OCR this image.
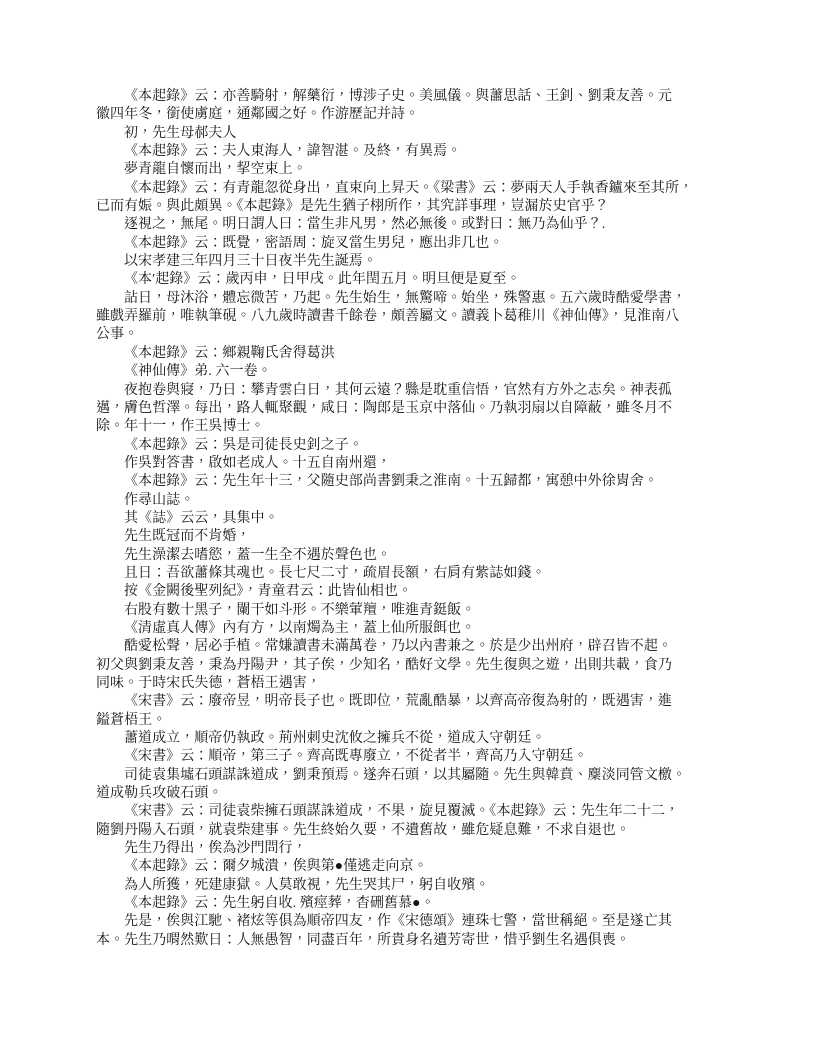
《本起錄》云：亦善騎射，解藥衍，博涉子史。美風儀。與蕭思話、王釗、劉秉友善。元
徽四年冬，銜使虜庭，通鄰國之好。作游歷記并詩。
初，先生母郝夫人
《本起錄》云：夫人東海人，諱智湛。及終，有異焉。
夢青龍自懷而出，挈空束上。
《本起錄》云：有青龍忽從身出，直束向上昇天。《梁書》云：夢兩天人手執香鑪來至其所，
已而有娠。與此頗異。《本起錄》是先生猶子栩所作，其究詳事理，豈漏於史官乎？
逐視之，無尾。明日謂人曰：當生非凡男，然必無後。或對曰：無乃為仙乎？.
《本起錄》云：既覺，密語周：旋叉當生男兒，應出非几也。
以宋孝建三年四月三十日夜半先生誕焉。
《本′起錄》云：歲丙申，日甲戌。此年閏五月。明旦便是夏至。
詀日，母沐浴，體忘微苦，乃起。先生始生，無驚啼。始坐，殊警惠。五六歲時酷愛學書，
雖戲弄羅前，唯執筆硯。八九歲時讀書千餘卷，頗善屬文。讀義卜葛稚川《神仙傳》，見淮南八
公事。
《本起錄》云：鄉親鞠氏舍得葛洪
《神仙傳》弟. 六一卷。
夜抱卷與寢，乃日：攀青雲白日，其何云遠？縣是耽重信悟，官然有方外之志矣。神表孤
邁，膚色哲澤。每出，路人輒聚觀，咸日：陶郎是玉京中落仙。乃執羽扇以自障蔽，雖冬月不
除。年十一，作王吳博士。
《本起錄》云：吳是司徒長史釗之子。
作吳對答書，啟如老成人。十五自南州還，
《本起錄》云：先生年十三，父隨史部尚書劉秉之淮南。十五歸都，寓憩中外徐胄舍。
作尋山誌。
其《誌》云云，具集中。
先生既冠而不肯婚，
先生澡潔去嗜慾，蓋一生全不遇於聲色也。
且日：吾欲蕭條其魂也。長七尺二寸，疏眉長額，右肩有紫誌如錢。
按《金闕後聖列紀》，青童君云：此皆仙相也。
右股有數十黑子，闌干如斗形。不樂葷羶，唯進青鋌飯。
《清虛真人傳》內有方，以南燭為主，蓋上仙所服餌也。
酷愛松聲，居必手植。常嫌讀書未滿萬卷，乃以內書兼之。於是少出州府，辟召皆不起。
初父與劉秉友善，秉為丹陽尹，其子俟，少知名，酷好文學。先生復與之遊，出則共載，食乃
同味。于時宋氏失德，蒼梧王遇害，
《宋書》云：廢帝昱，明帝長子也。既即位，荒亂酷暴，以齊高帝復為射的，既遇害，進
鎰蒼梧王。
蕭道成立，順帝仍執政。荊州刺史沈攸之擁兵不從，道成入守朝廷。
《宋書》云：順帝，第三子。齊高既專廢立，不從者半，齊高乃入守朝廷。
司徒袁集墟石頭謀誅道成，劉秉預焉。遂奔石頭，以其屬隨。先生與韓賁、麇淡同管文檄。
道成勒兵攻破石頭。
《宋書》云：司徒袁柴擁石頭謀誅道成，不果，旋見覆滅。《本起錄》云：先生年二十二，
隨劉丹陽入石頭，就袁柴建事。先生終始久要，不遺舊故，雖危疑息難，不求自退也。
先生乃得出，俟為沙門問行，
《本起錄》云：爾夕城潰，俟與第●僅逃走向京。
為人所獲，死建康獄。人莫敢視，先生哭其尸，躬自收殯。
《本起錄》云：先生躬自收. 殯痙葬，杳硎舊慕●。
先是，俟與江馳、褚炫等俱為順帝四友，作《宋德頌》連珠七警，當世稱絕。至是遂亡其
本。先生乃喟然歎日：人無愚智，同盡百年，所貴身名遺芳寄世，惜乎劉生名遇俱喪。
